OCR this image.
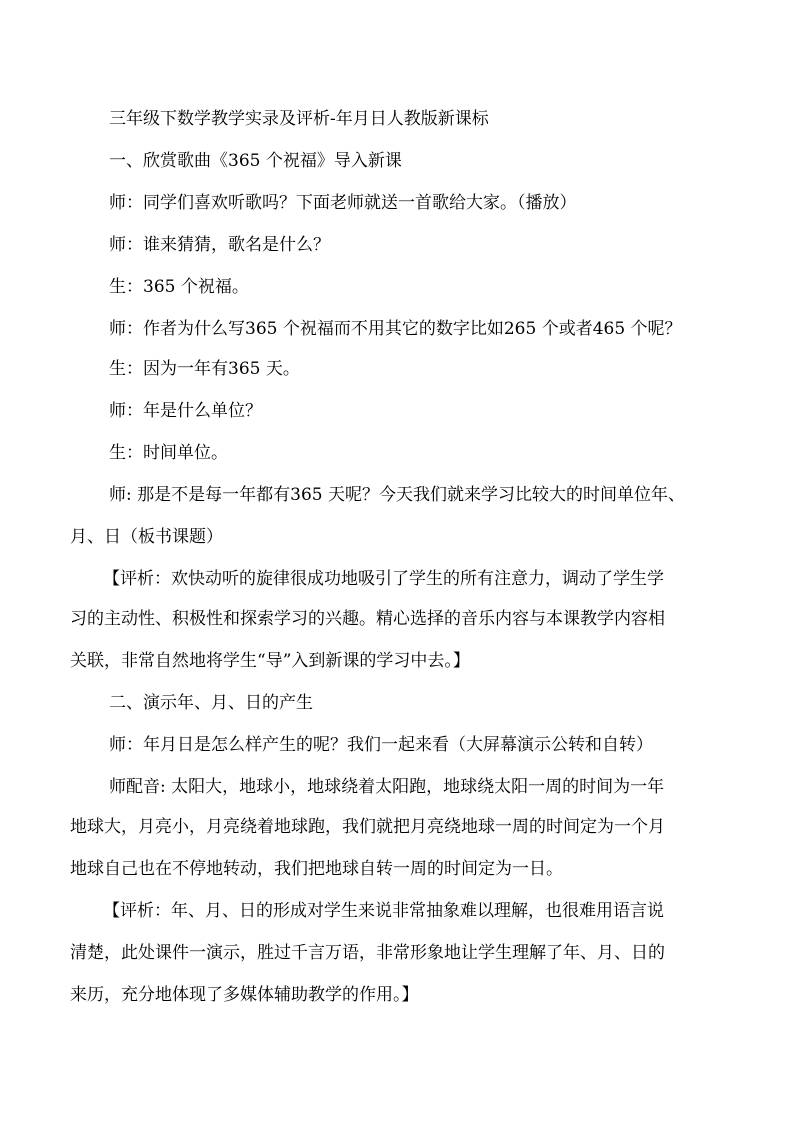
三年级下数学教学实录及评析-年月日人教版新课标
一、欣赏歌曲《365 个祝福》导入新课
师：同学们喜欢听歌吗？下面老师就送一首歌给大家。（播放）
师：谁来猜猜，歌名是什么？
生：365 个祝福。
师：作者为什么写365 个祝福而不用其它的数字比如265 个或者465 个呢？
生：因为一年有365 天。
师：年是什么单位？
生：时间单位。
师: 那是不是每一年都有365 天呢？今天我们就来学习比较大的时间单位年、
月、日（板书课题）
【评析：欢快动听的旋律很成功地吸引了学生的所有注意力，调动了学生学
习的主动性、积极性和探索学习的兴趣。精心选择的音乐内容与本课教学内容相
关联，非常自然地将学生“导”入到新课的学习中去。】
二、演示年、月、日的产生
师：年月日是怎么样产生的呢？我们一起来看（大屏幕演示公转和自转）
师配音: 太阳大，地球小，地球绕着太阳跑，地球绕太阳一周的时间为一年
地球大，月亮小，月亮绕着地球跑，我们就把月亮绕地球一周的时间定为一个月
地球自己也在不停地转动，我们把地球自转一周的时间定为一日。
【评析：年、月、日的形成对学生来说非常抽象难以理解，也很难用语言说
清楚，此处课件一演示，胜过千言万语，非常形象地让学生理解了年、月、日的
来历，充分地体现了多媒体辅助教学的作用。】
